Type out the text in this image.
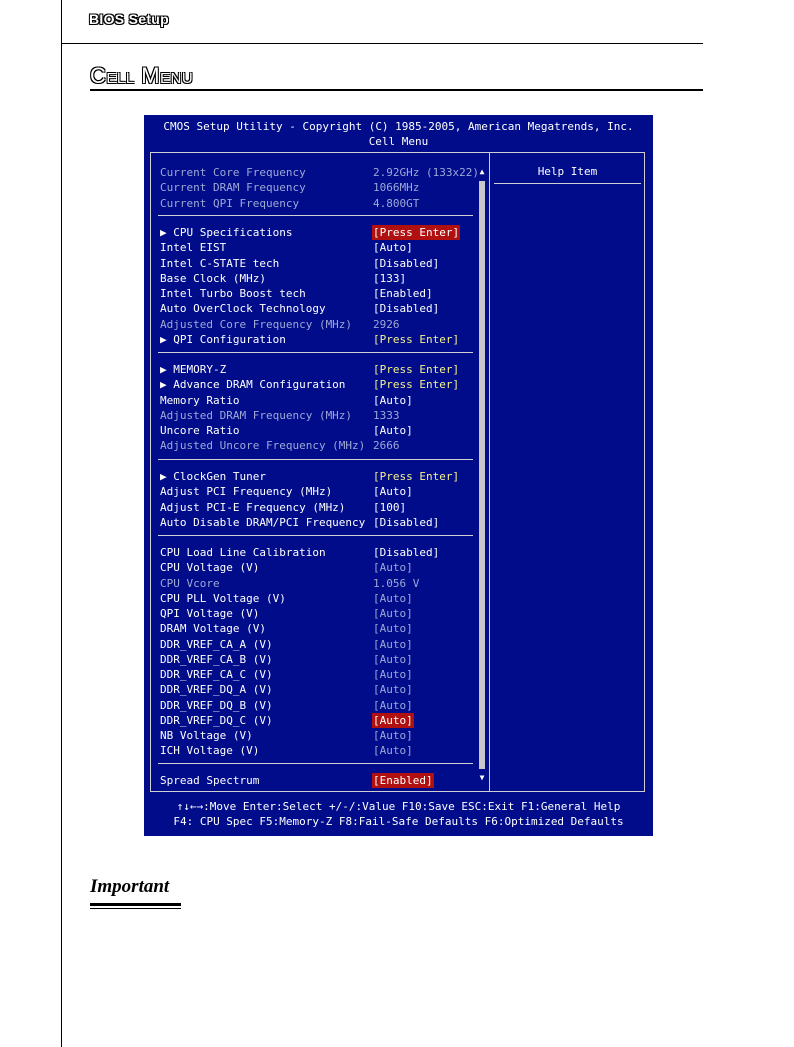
BIOS Setup
Cell Menu
CMOS Setup Utility - Copyright (C) 1985-2005, American Megatrends, Inc.
Cell Menu
Help Item
Current Core Frequency	2.92GHz (133x22)
Current DRAM Frequency	1066MHz
Current QPI Frequency	4.800GT
▶ CPU Specifications	[Press Enter]
Intel EIST	[Auto]
Intel C-STATE tech	[Disabled]
Base Clock (MHz)	[133]
Intel Turbo Boost tech	[Enabled]
Auto OverClock Technology	[Disabled]
Adjusted Core Frequency (MHz) 2926
▶ QPI Configuration	[Press Enter]
▶ MEMORY-Z	[Press Enter]
▶ Advance DRAM Configuration	[Press Enter]
Memory Ratio	[Auto]
Adjusted DRAM Frequency (MHz) 1333
Uncore Ratio	[Auto]
Adjusted Uncore Frequency (MHz) 2666
▶ ClockGen Tuner	[Press Enter]
Adjust PCI Frequency (MHz)	[Auto]
Adjust PCI-E Frequency (MHz)	[100]
Auto Disable DRAM/PCI Frequency [Disabled]
CPU Load Line Calibration	[Disabled]
CPU Voltage (V)	[Auto]
CPU Vcore	1.056 V
CPU PLL Voltage (V)	[Auto]
QPI Voltage (V)	[Auto]
DRAM Voltage (V)	[Auto]
DDR_VREF_CA_A (V)	[Auto]
DDR_VREF_CA_B (V)	[Auto]
DDR_VREF_CA_C (V)	[Auto]
DDR_VREF_DQ_A (V)	[Auto]
DDR_VREF_DQ_B (V)	[Auto]
DDR_VREF_DQ_C (V)	[Auto]
NB Voltage (V)	[Auto]
ICH Voltage (V)	[Auto]
Spread Spectrum	[Enabled]
▲
▼
↑↓←→:Move Enter:Select +/-/:Value F10:Save ESC:Exit F1:General Help
F4: CPU Spec F5:Memory-Z F8:Fail-Safe Defaults F6:Optimized Defaults
Important
